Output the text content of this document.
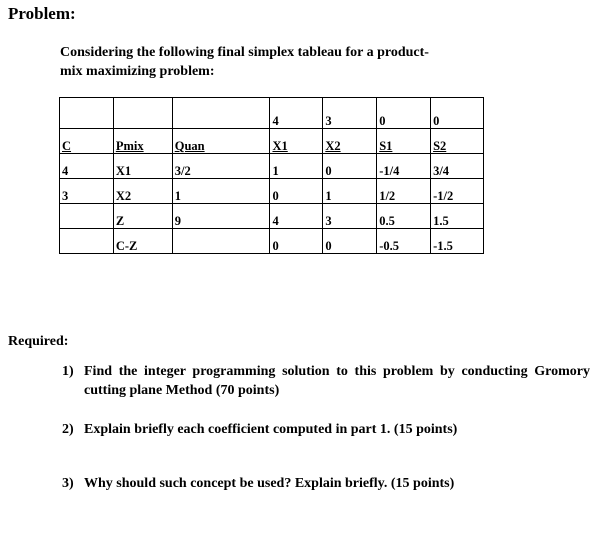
Problem:
Considering the following final simplex tableau for a product-
mix maximizing problem:
			4	3	0	0
C	Pmix	Quan	X1	X2	S1	S2
4	X1	3/2	1	0	-1/4	3/4
3	X2	1	0	1	1/2	-1/2
	Z	9	4	3	0.5	1.5
	C-Z		0	0	-0.5	-1.5
Required:
1) Find the integer programming solution to this problem by conducting Gromory cutting plane Method (70 points)
2) Explain briefly each coefficient computed in part 1. (15 points)
3) Why should such concept be used? Explain briefly. (15 points)
